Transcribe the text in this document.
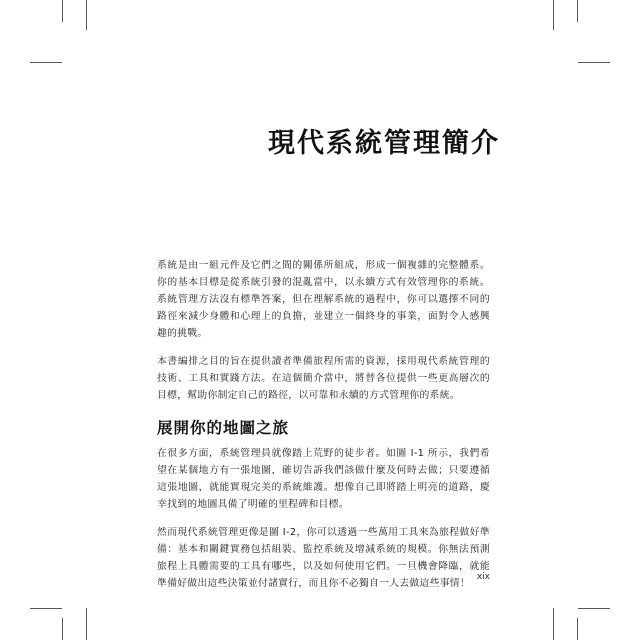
現代系統管理簡介

系統是由一組元件及它們之間的關係所組成，形成一個複雜的完整體系。你的基本目標是從系統引發的混亂當中，以永續方式有效管理你的系統。系統管理方法沒有標準答案，但在理解系統的過程中，你可以選擇不同的路徑來減少身體和心理上的負擔，並建立一個終身的事業，面對令人感興趣的挑戰。

本書編排之目的旨在提供讀者準備旅程所需的資源，採用現代系統管理的技術、工具和實踐方法。在這個簡介當中，將替各位提供一些更高層次的目標，幫助你制定自己的路徑，以可靠和永續的方式管理你的系統。

展開你的地圖之旅

在很多方面，系統管理員就像踏上荒野的徒步者。如圖 I-1 所示，我們希望在某個地方有一張地圖，確切告訴我們該做什麼及何時去做；只要遵循這張地圖，就能實現完美的系統維護。想像自己即將踏上明亮的道路，慶幸找到的地圖具備了明確的里程碑和目標。

然而現代系統管理更像是圖 I-2，你可以透過一些萬用工具來為旅程做好準備：基本和關鍵實務包括組裝、監控系統及增減系統的規模。你無法預測旅程上具體需要的工具有哪些，以及如何使用它們。一旦機會降臨，就能準備好做出這些決策並付諸實行，而且你不必獨自一人去做這些事情！

xix
